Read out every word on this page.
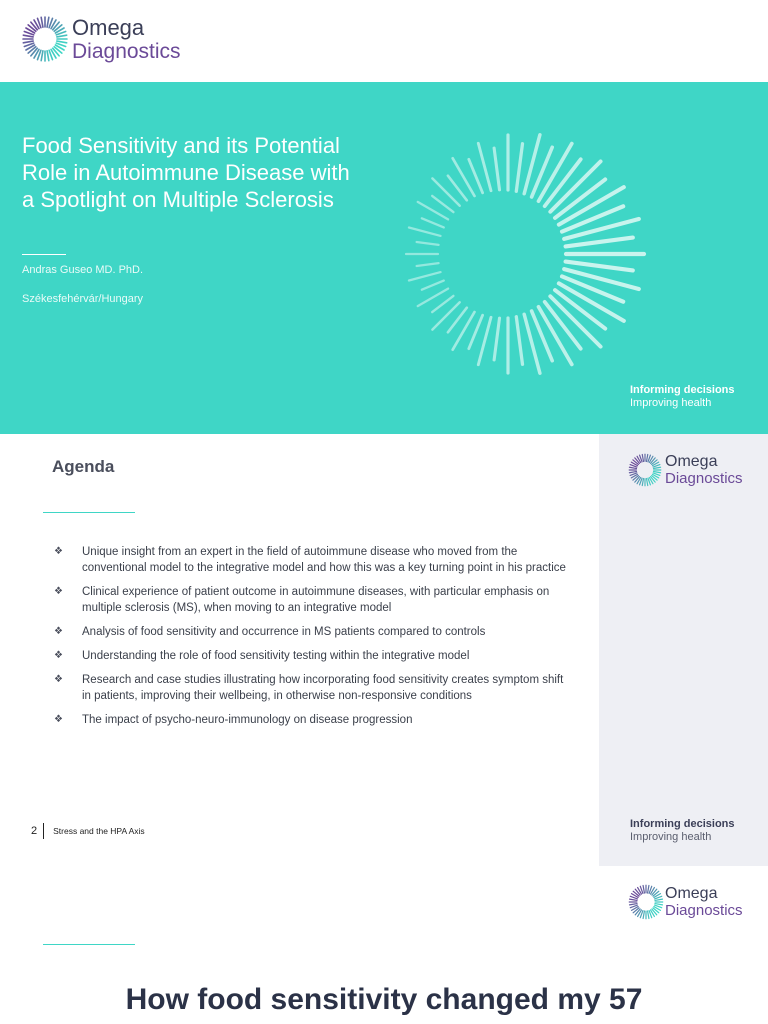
Omega
Diagnostics
Food Sensitivity and its Potential Role in Autoimmune Disease with a Spotlight on Multiple Sclerosis

Andras Guseo MD. PhD.

Székesfehérvár/Hungary

Informing decisions
Improving health
Agenda
❖	Unique insight from an expert in the field of autoimmune disease who moved from the conventional model to the integrative model and how this was a key turning point in his practice
❖	Clinical experience of patient outcome in autoimmune diseases, with particular emphasis on multiple sclerosis (MS), when moving to an integrative model
❖	Analysis of food sensitivity and occurrence in MS patients compared to controls
❖	Understanding the role of food sensitivity testing within the integrative model
❖	Research and case studies illustrating how incorporating food sensitivity creates symptom shift in patients, improving their wellbeing, in otherwise non-responsive conditions
❖	The impact of psycho-neuro-immunology on disease progression
2 Stress and the HPA Axis
Omega
Diagnostics
Informing decisions
Improving health
Omega
Diagnostics
How food sensitivity changed my 57
